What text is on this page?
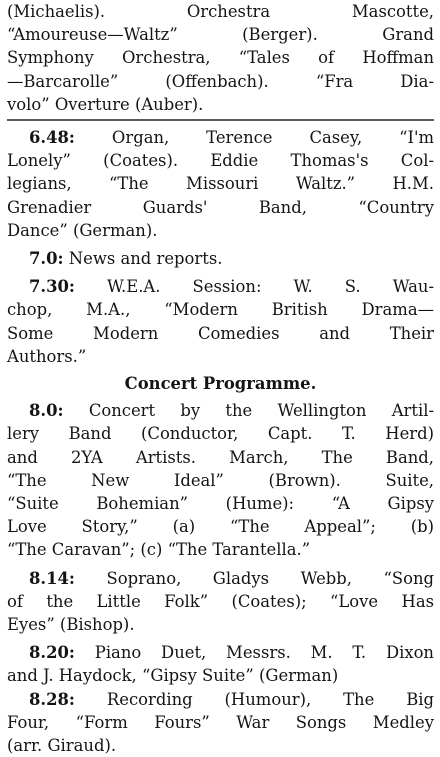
(Michaelis). Orchestra Mascotte,
“Amoureuse—Waltz” (Berger). Grand
Symphony Orchestra, “Tales of Hoffman
—Barcarolle” (Offenbach). “Fra Dia-
volo” Overture (Auber).

6.48: Organ, Terence Casey, “I'm
Lonely” (Coates). Eddie Thomas's Col-
legians, “The Missouri Waltz.” H.M.
Grenadier Guards' Band, “Country
Dance” (German).

7.0: News and reports.

7.30: W.E.A. Session: W. S. Wau-
chop, M.A., “Modern British Drama—
Some Modern Comedies and Their
Authors.”

Concert Programme.

8.0: Concert by the Wellington Artil-
lery Band (Conductor, Capt. T. Herd)
and 2YA Artists. March, The Band,
“The New Ideal” (Brown). Suite,
“Suite Bohemian” (Hume): “A Gipsy
Love Story,” (a) “The Appeal”; (b)
“The Caravan”; (c) “The Tarantella.”

8.14: Soprano, Gladys Webb, “Song
of the Little Folk” (Coates); “Love Has
Eyes” (Bishop).

8.20: Piano Duet, Messrs. M. T. Dixon
and J. Haydock, “Gipsy Suite” (German)

8.28: Recording (Humour), The Big
Four, “Form Fours” War Songs Medley
(arr. Giraud).
